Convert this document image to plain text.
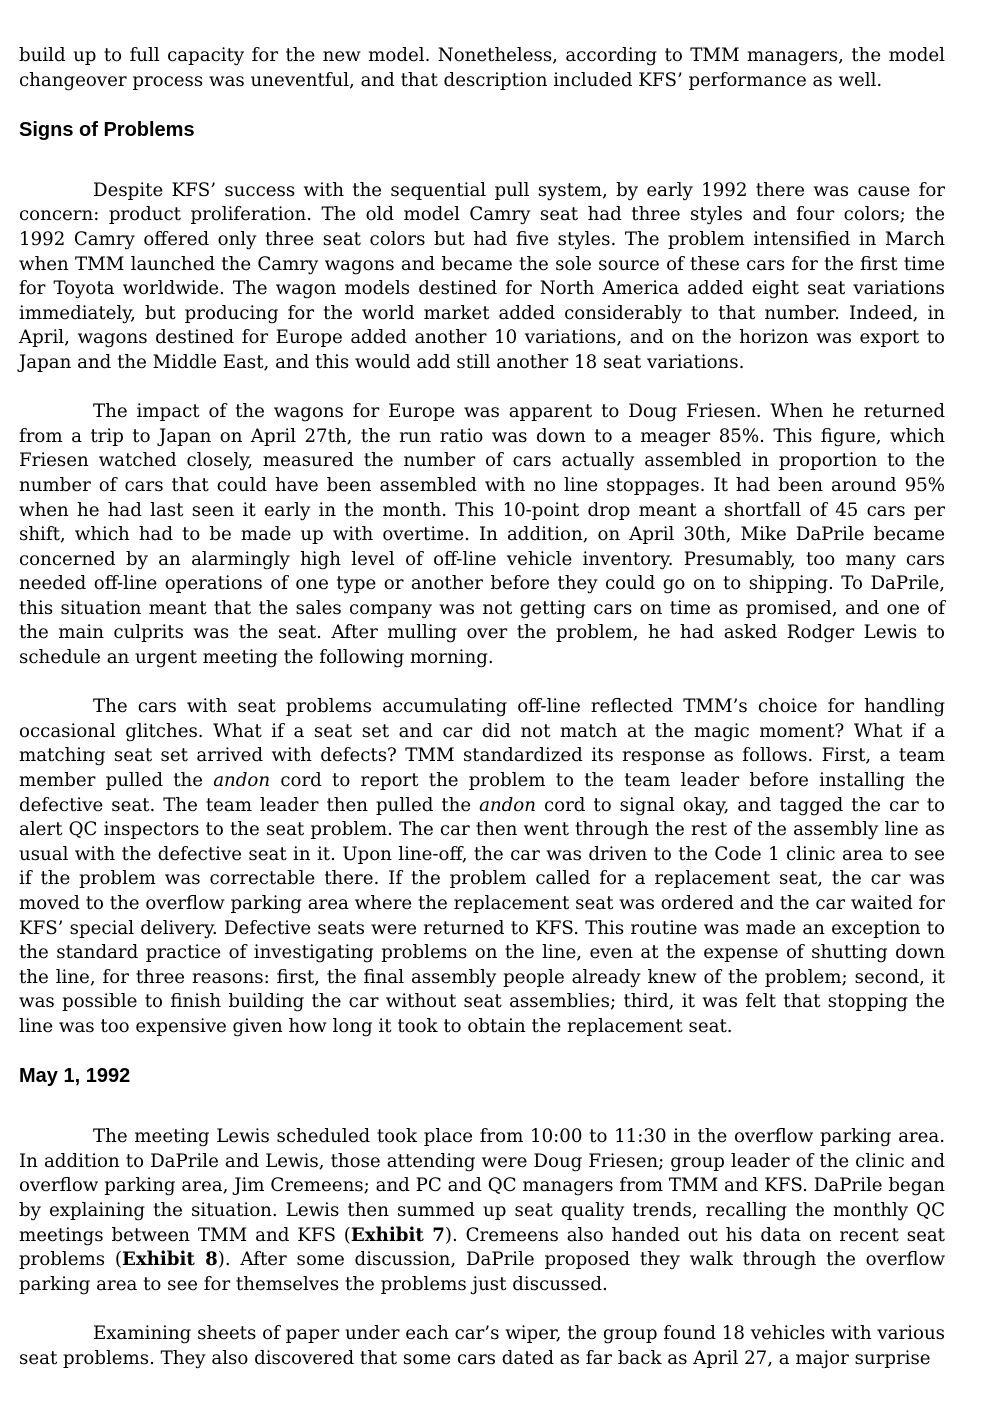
build up to full capacity for the new model. Nonetheless, according to TMM managers, the model changeover process was uneventful, and that description included KFS’ performance as well.

Signs of Problems

Despite KFS’ success with the sequential pull system, by early 1992 there was cause for concern: product proliferation. The old model Camry seat had three styles and four colors; the 1992 Camry offered only three seat colors but had five styles. The problem intensified in March when TMM launched the Camry wagons and became the sole source of these cars for the first time for Toyota worldwide. The wagon models destined for North America added eight seat variations immediately, but producing for the world market added considerably to that number. Indeed, in April, wagons destined for Europe added another 10 variations, and on the horizon was export to Japan and the Middle East, and this would add still another 18 seat variations.

The impact of the wagons for Europe was apparent to Doug Friesen. When he returned from a trip to Japan on April 27th, the run ratio was down to a meager 85%. This figure, which Friesen watched closely, measured the number of cars actually assembled in proportion to the number of cars that could have been assembled with no line stoppages. It had been around 95% when he had last seen it early in the month. This 10-point drop meant a shortfall of 45 cars per shift, which had to be made up with overtime. In addition, on April 30th, Mike DaPrile became concerned by an alarmingly high level of off-line vehicle inventory. Presumably, too many cars needed off-line operations of one type or another before they could go on to shipping. To DaPrile, this situation meant that the sales company was not getting cars on time as promised, and one of the main culprits was the seat. After mulling over the problem, he had asked Rodger Lewis to schedule an urgent meeting the following morning.

The cars with seat problems accumulating off-line reflected TMM’s choice for handling occasional glitches. What if a seat set and car did not match at the magic moment? What if a matching seat set arrived with defects? TMM standardized its response as follows. First, a team member pulled the andon cord to report the problem to the team leader before installing the defective seat. The team leader then pulled the andon cord to signal okay, and tagged the car to alert QC inspectors to the seat problem. The car then went through the rest of the assembly line as usual with the defective seat in it. Upon line-off, the car was driven to the Code 1 clinic area to see if the problem was correctable there. If the problem called for a replacement seat, the car was moved to the overflow parking area where the replacement seat was ordered and the car waited for KFS’ special delivery. Defective seats were returned to KFS. This routine was made an exception to the standard practice of investigating problems on the line, even at the expense of shutting down the line, for three reasons: first, the final assembly people already knew of the problem; second, it was possible to finish building the car without seat assemblies; third, it was felt that stopping the line was too expensive given how long it took to obtain the replacement seat.

May 1, 1992

The meeting Lewis scheduled took place from 10:00 to 11:30 in the overflow parking area. In addition to DaPrile and Lewis, those attending were Doug Friesen; group leader of the clinic and overflow parking area, Jim Cremeens; and PC and QC managers from TMM and KFS. DaPrile began by explaining the situation. Lewis then summed up seat quality trends, recalling the monthly QC meetings between TMM and KFS (Exhibit 7). Cremeens also handed out his data on recent seat problems (Exhibit 8). After some discussion, DaPrile proposed they walk through the overflow parking area to see for themselves the problems just discussed.

Examining sheets of paper under each car’s wiper, the group found 18 vehicles with various seat problems. They also discovered that some cars dated as far back as April 27, a major surprise
